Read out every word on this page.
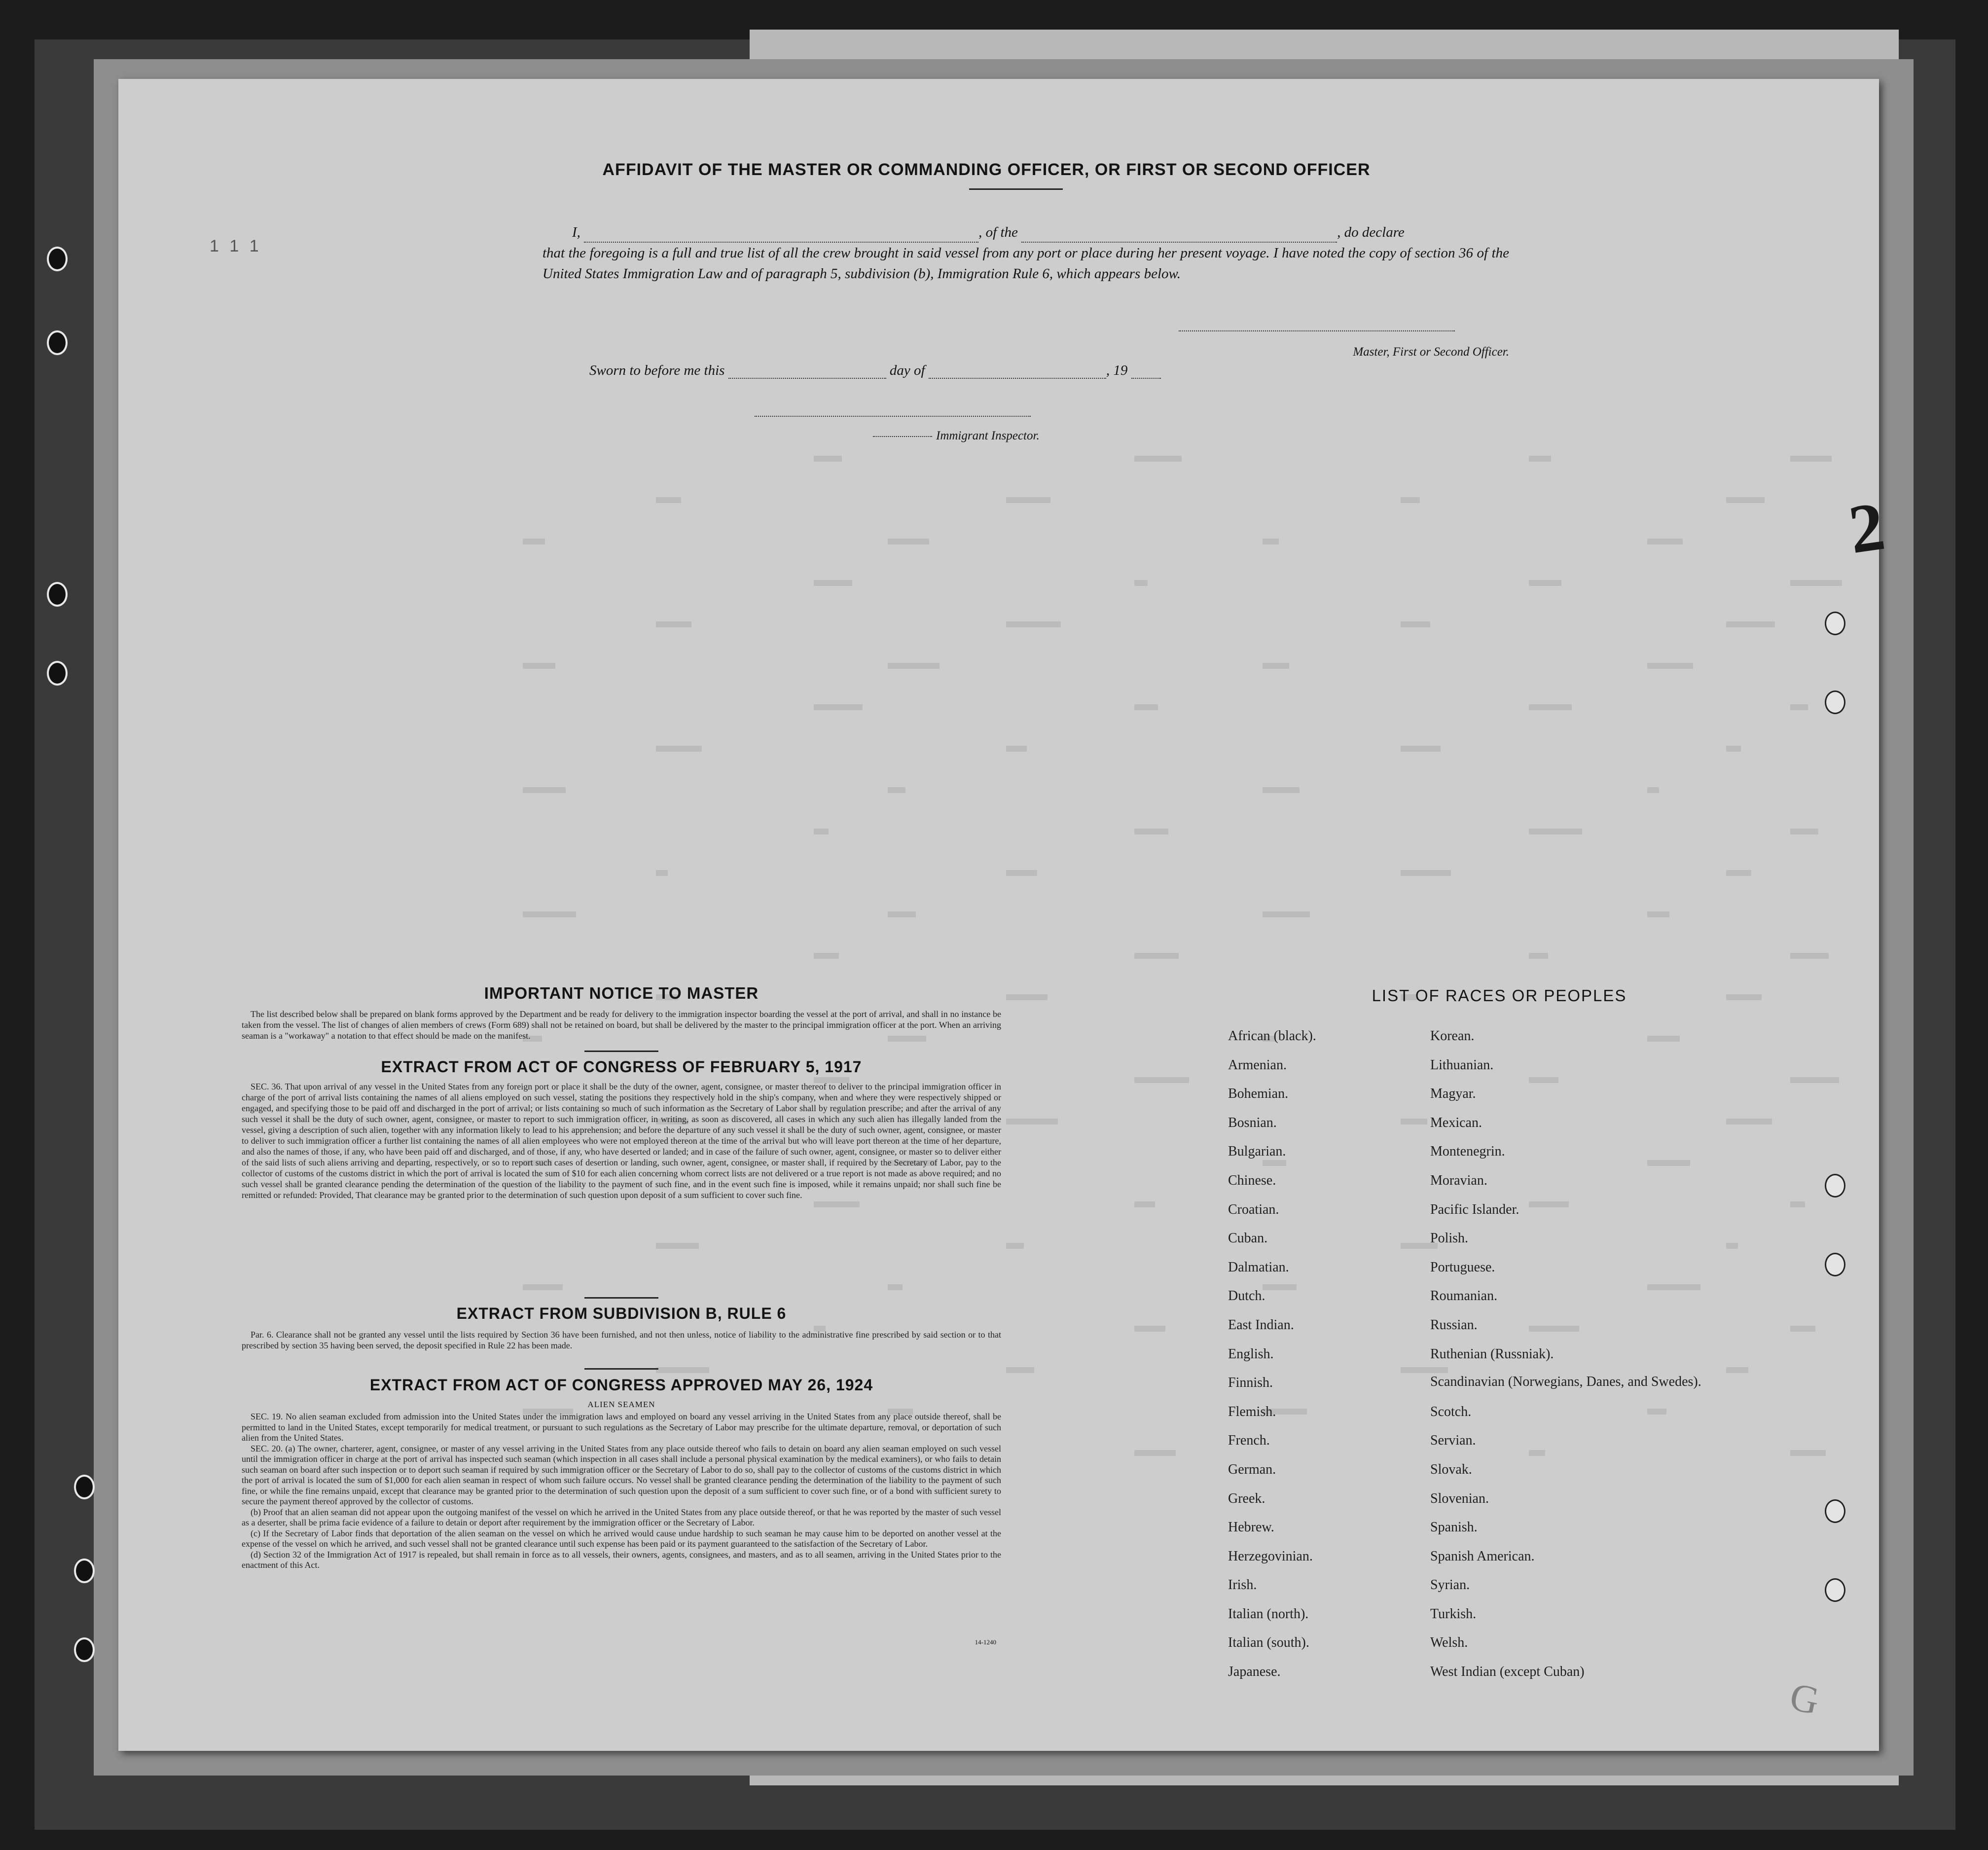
1 1 1
2
AFFIDAVIT OF THE MASTER OR COMMANDING OFFICER, OR FIRST OR SECOND OFFICER
I,	, of the	, do declare
that the foregoing is a full and true list of all the crew brought in said vessel from any port or place during her present voyage. I have noted the copy of section 36 of the United States Immigration Law and of paragraph 5, subdivision (b), Immigration Rule 6, which appears below.
Master, First or Second Officer.
Sworn to before me this	day of	, 19
Immigrant Inspector.
IMPORTANT NOTICE TO MASTER

The list described below shall be prepared on blank forms approved by the Department and be ready for delivery to the immigration inspector boarding the vessel at the port of arrival, and shall in no instance be taken from the vessel. The list of changes of alien members of crews (Form 689) shall not be retained on board, but shall be delivered by the master to the principal immigration officer at the port. When an arriving seaman is a "workaway" a notation to that effect should be made on the manifest.

EXTRACT FROM ACT OF CONGRESS OF FEBRUARY 5, 1917

SEC. 36. That upon arrival of any vessel in the United States from any foreign port or place it shall be the duty of the owner, agent, consignee, or master thereof to deliver to the principal immigration officer in charge of the port of arrival lists containing the names of all aliens employed on such vessel, stating the positions they respectively hold in the ship's company, when and where they were respectively shipped or engaged, and specifying those to be paid off and discharged in the port of arrival; or lists containing so much of such information as the Secretary of Labor shall by regulation prescribe; and after the arrival of any such vessel it shall be the duty of such owner, agent, consignee, or master to report to such immigration officer, in writing, as soon as discovered, all cases in which any such alien has illegally landed from the vessel, giving a description of such alien, together with any information likely to lead to his apprehension; and before the departure of any such vessel it shall be the duty of such owner, agent, consignee, or master to deliver to such immigration officer a further list containing the names of all alien employees who were not employed thereon at the time of the arrival but who will leave port thereon at the time of her departure, and also the names of those, if any, who have been paid off and discharged, and of those, if any, who have deserted or landed; and in case of the failure of such owner, agent, consignee, or master so to deliver either of the said lists of such aliens arriving and departing, respectively, or so to report such cases of desertion or landing, such owner, agent, consignee, or master shall, if required by the Secretary of Labor, pay to the collector of customs of the customs district in which the port of arrival is located the sum of $10 for each alien concerning whom correct lists are not delivered or a true report is not made as above required; and no such vessel shall be granted clearance pending the determination of the question of the liability to the payment of such fine, and in the event such fine is imposed, while it remains unpaid; nor shall such fine be remitted or refunded: Provided, That clearance may be granted prior to the determination of such question upon deposit of a sum sufficient to cover such fine.

EXTRACT FROM SUBDIVISION B, RULE 6

Par. 6. Clearance shall not be granted any vessel until the lists required by Section 36 have been furnished, and not then unless, notice of liability to the administrative fine prescribed by said section or to that prescribed by section 35 having been served, the deposit specified in Rule 22 has been made.

EXTRACT FROM ACT OF CONGRESS APPROVED MAY 26, 1924
ALIEN SEAMEN

SEC. 19. No alien seaman excluded from admission into the United States under the immigration laws and employed on board any vessel arriving in the United States from any place outside thereof, shall be permitted to land in the United States, except temporarily for medical treatment, or pursuant to such regulations as the Secretary of Labor may prescribe for the ultimate departure, removal, or deportation of such alien from the United States.

SEC. 20. (a) The owner, charterer, agent, consignee, or master of any vessel arriving in the United States from any place outside thereof who fails to detain on board any alien seaman employed on such vessel until the immigration officer in charge at the port of arrival has inspected such seaman (which inspection in all cases shall include a personal physical examination by the medical examiners), or who fails to detain such seaman on board after such inspection or to deport such seaman if required by such immigration officer or the Secretary of Labor to do so, shall pay to the collector of customs of the customs district in which the port of arrival is located the sum of $1,000 for each alien seaman in respect of whom such failure occurs. No vessel shall be granted clearance pending the determination of the liability to the payment of such fine, or while the fine remains unpaid, except that clearance may be granted prior to the determination of such question upon the deposit of a sum sufficient to cover such fine, or of a bond with sufficient surety to secure the payment thereof approved by the collector of customs.

(b) Proof that an alien seaman did not appear upon the outgoing manifest of the vessel on which he arrived in the United States from any place outside thereof, or that he was reported by the master of such vessel as a deserter, shall be prima facie evidence of a failure to detain or deport after requirement by the immigration officer or the Secretary of Labor.

(c) If the Secretary of Labor finds that deportation of the alien seaman on the vessel on which he arrived would cause undue hardship to such seaman he may cause him to be deported on another vessel at the expense of the vessel on which he arrived, and such vessel shall not be granted clearance until such expense has been paid or its payment guaranteed to the satisfaction of the Secretary of Labor.

(d) Section 32 of the Immigration Act of 1917 is repealed, but shall remain in force as to all vessels, their owners, agents, consignees, and masters, and as to all seamen, arriving in the United States prior to the enactment of this Act.

14-1240
LIST OF RACES OR PEOPLES
African (black).
Armenian.
Bohemian.
Bosnian.
Bulgarian.
Chinese.
Croatian.
Cuban.
Dalmatian.
Dutch.
East Indian.
English.
Finnish.
Flemish.
French.
German.
Greek.
Hebrew.
Herzegovinian.
Irish.
Italian (north).
Italian (south).
Japanese.
Korean.
Lithuanian.
Magyar.
Mexican.
Montenegrin.
Moravian.
Pacific Islander.
Polish.
Portuguese.
Roumanian.
Russian.
Ruthenian (Russniak).
Scandinavian (Norwegians, Danes, and Swedes).
Scotch.
Servian.
Slovak.
Slovenian.
Spanish.
Spanish American.
Syrian.
Turkish.
Welsh.
West Indian (except Cuban)
G
